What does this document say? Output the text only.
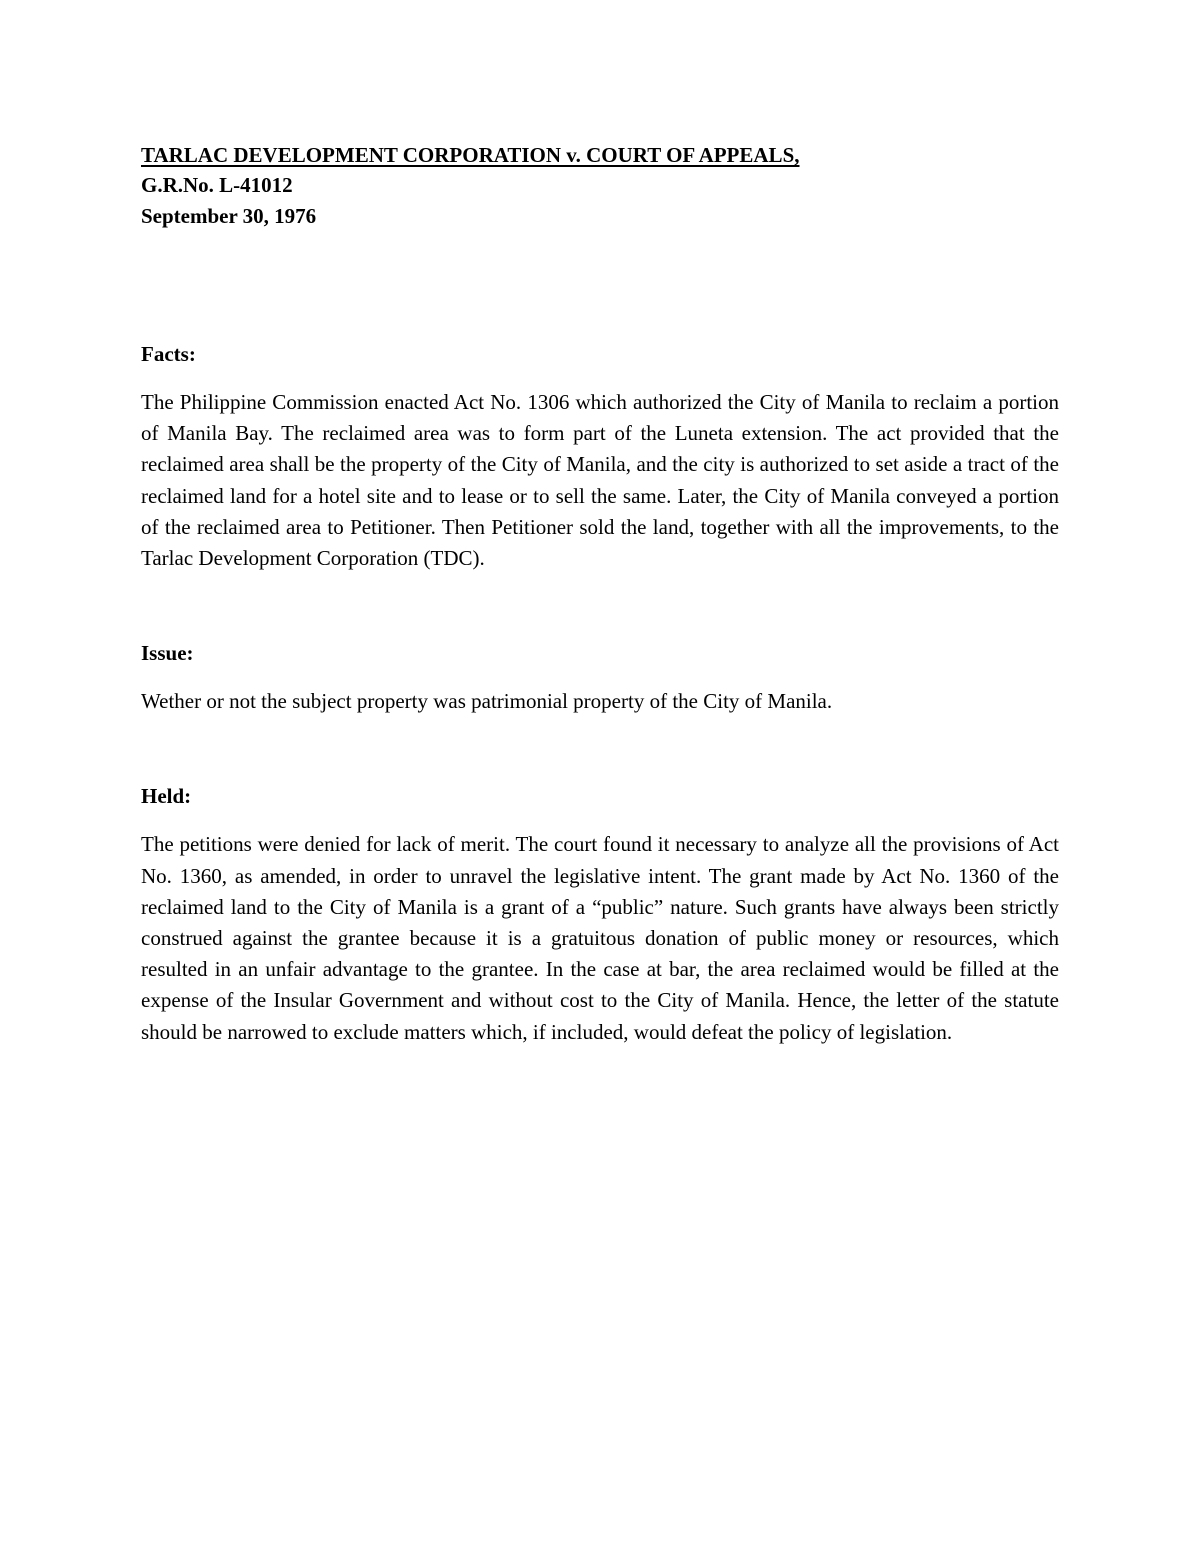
TARLAC DEVELOPMENT CORPORATION v. COURT OF APPEALS,

G.R.No. L-41012

September 30, 1976

Facts:

The Philippine Commission enacted Act No. 1306 which authorized the City of Manila to reclaim a portion of Manila Bay. The reclaimed area was to form part of the Luneta extension. The act provided that the reclaimed area shall be the property of the City of Manila, and the city is authorized to set aside a tract of the reclaimed land for a hotel site and to lease or to sell the same. Later, the City of Manila conveyed a portion of the reclaimed area to Petitioner. Then Petitioner sold the land, together with all the improvements, to the Tarlac Development Corporation (TDC).

Issue:

Wether or not the subject property was patrimonial property of the City of Manila.

Held:

The petitions were denied for lack of merit. The court found it necessary to analyze all the provisions of Act No. 1360, as amended, in order to unravel the legislative intent. The grant made by Act No. 1360 of the reclaimed land to the City of Manila is a grant of a “public” nature. Such grants have always been strictly construed against the grantee because it is a gratuitous donation of public money or resources, which resulted in an unfair advantage to the grantee. In the case at bar, the area reclaimed would be filled at the expense of the Insular Government and without cost to the City of Manila. Hence, the letter of the statute should be narrowed to exclude matters which, if included, would defeat the policy of legislation.
